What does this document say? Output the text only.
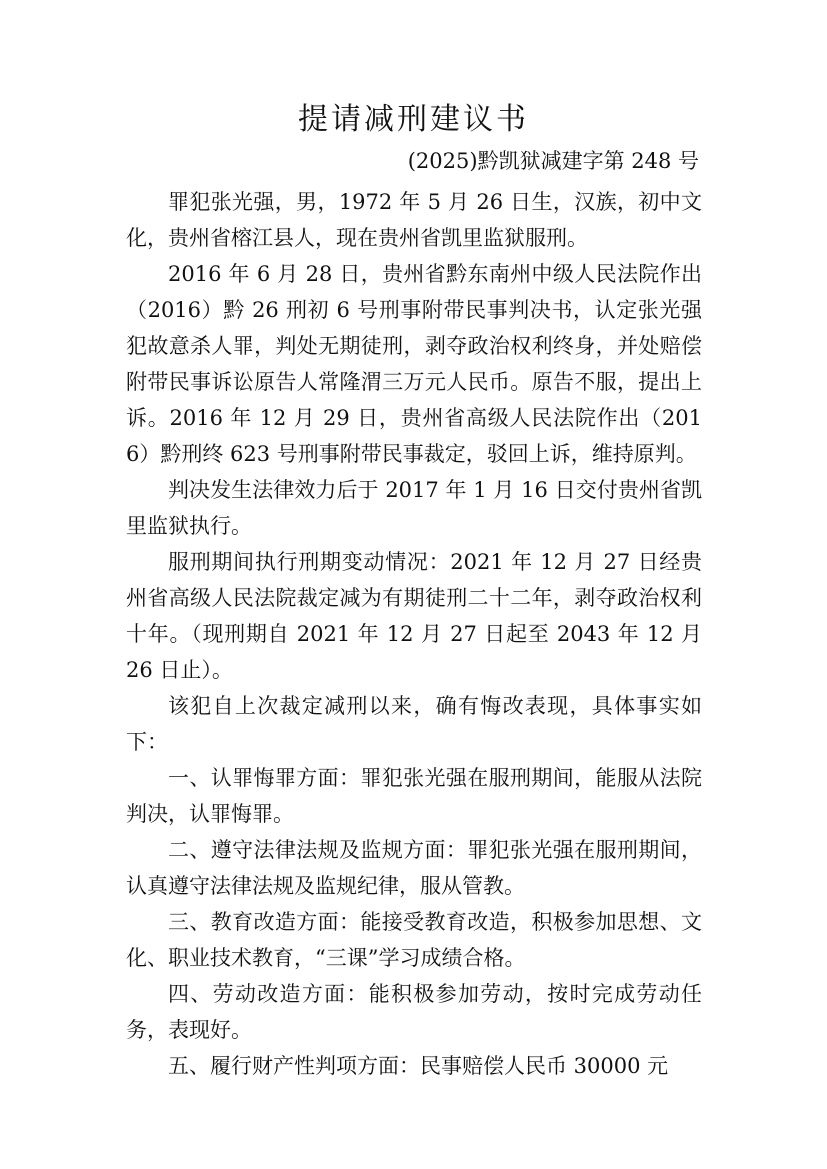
提请减刑建议书
(2025)黔凯狱减建字第 248 号

罪犯张光强，男，1972 年 5 月 26 日生，汉族，初中文化，贵州省榕江县人，现在贵州省凯里监狱服刑。

2016 年 6 月 28 日，贵州省黔东南州中级人民法院作出（2016）黔 26 刑初 6 号刑事附带民事判决书，认定张光强犯故意杀人罪，判处无期徒刑，剥夺政治权利终身，并处赔偿附带民事诉讼原告人常隆渭三万元人民币。原告不服，提出上诉。2016 年 12 月 29 日，贵州省高级人民法院作出（2016）黔刑终 623 号刑事附带民事裁定，驳回上诉，维持原判。

判决发生法律效力后于 2017 年 1 月 16 日交付贵州省凯里监狱执行。

服刑期间执行刑期变动情况：2021 年 12 月 27 日经贵州省高级人民法院裁定减为有期徒刑二十二年，剥夺政治权利十年。（现刑期自 2021 年 12 月 27 日起至 2043 年 12 月 26 日止）。

该犯自上次裁定减刑以来，确有悔改表现，具体事实如下：

一、认罪悔罪方面：罪犯张光强在服刑期间，能服从法院判决，认罪悔罪。

二、遵守法律法规及监规方面：罪犯张光强在服刑期间，认真遵守法律法规及监规纪律，服从管教。

三、教育改造方面：能接受教育改造，积极参加思想、文化、职业技术教育，“三课”学习成绩合格。

四、劳动改造方面：能积极参加劳动，按时完成劳动任务，表现好。

五、履行财产性判项方面：民事赔偿人民币 30000 元
